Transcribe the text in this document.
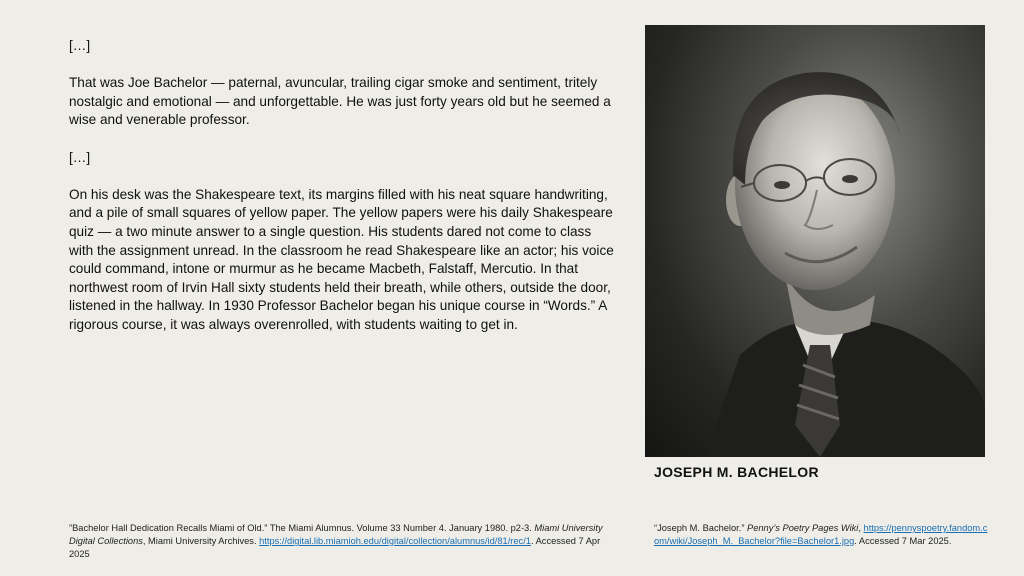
[…]

That was Joe Bachelor — paternal, avuncular, trailing cigar smoke and sentiment, tritely nostalgic and emotional — and unforgettable. He was just forty years old but he seemed a wise and venerable professor.

[…]

On his desk was the Shakespeare text, its margins filled with his neat square handwriting, and a pile of small squares of yellow paper. The yellow papers were his daily Shakespeare quiz — a two minute answer to a single question. His students dared not come to class with the assignment unread. In the classroom he read Shakespeare like an actor; his voice could command, intone or murmur as he became Macbeth, Falstaff, Mercutio. In that northwest room of Irvin Hall sixty students held their breath, while others, outside the door, listened in the hallway. In 1930 Professor Bachelor began his unique course in “Words.” A rigorous course, it was always overenrolled, with students waiting to get in.

JOSEPH M. BACHELOR
”Bachelor Hall Dedication Recalls Miami of Old.” The Miami Alumnus. Volume 33 Number 4. January 1980. p2-3. Miami University Digital Collections, Miami University Archives. https://digital.lib.miamioh.edu/digital/collection/alumnus/id/81/rec/1. Accessed 7 Apr 2025
“Joseph M. Bachelor.” Penny’s Poetry Pages Wiki, https://pennyspoetry.fandom.com/wiki/Joseph_M._Bachelor?file=Bachelor1.jpg. Accessed 7 Mar 2025.
